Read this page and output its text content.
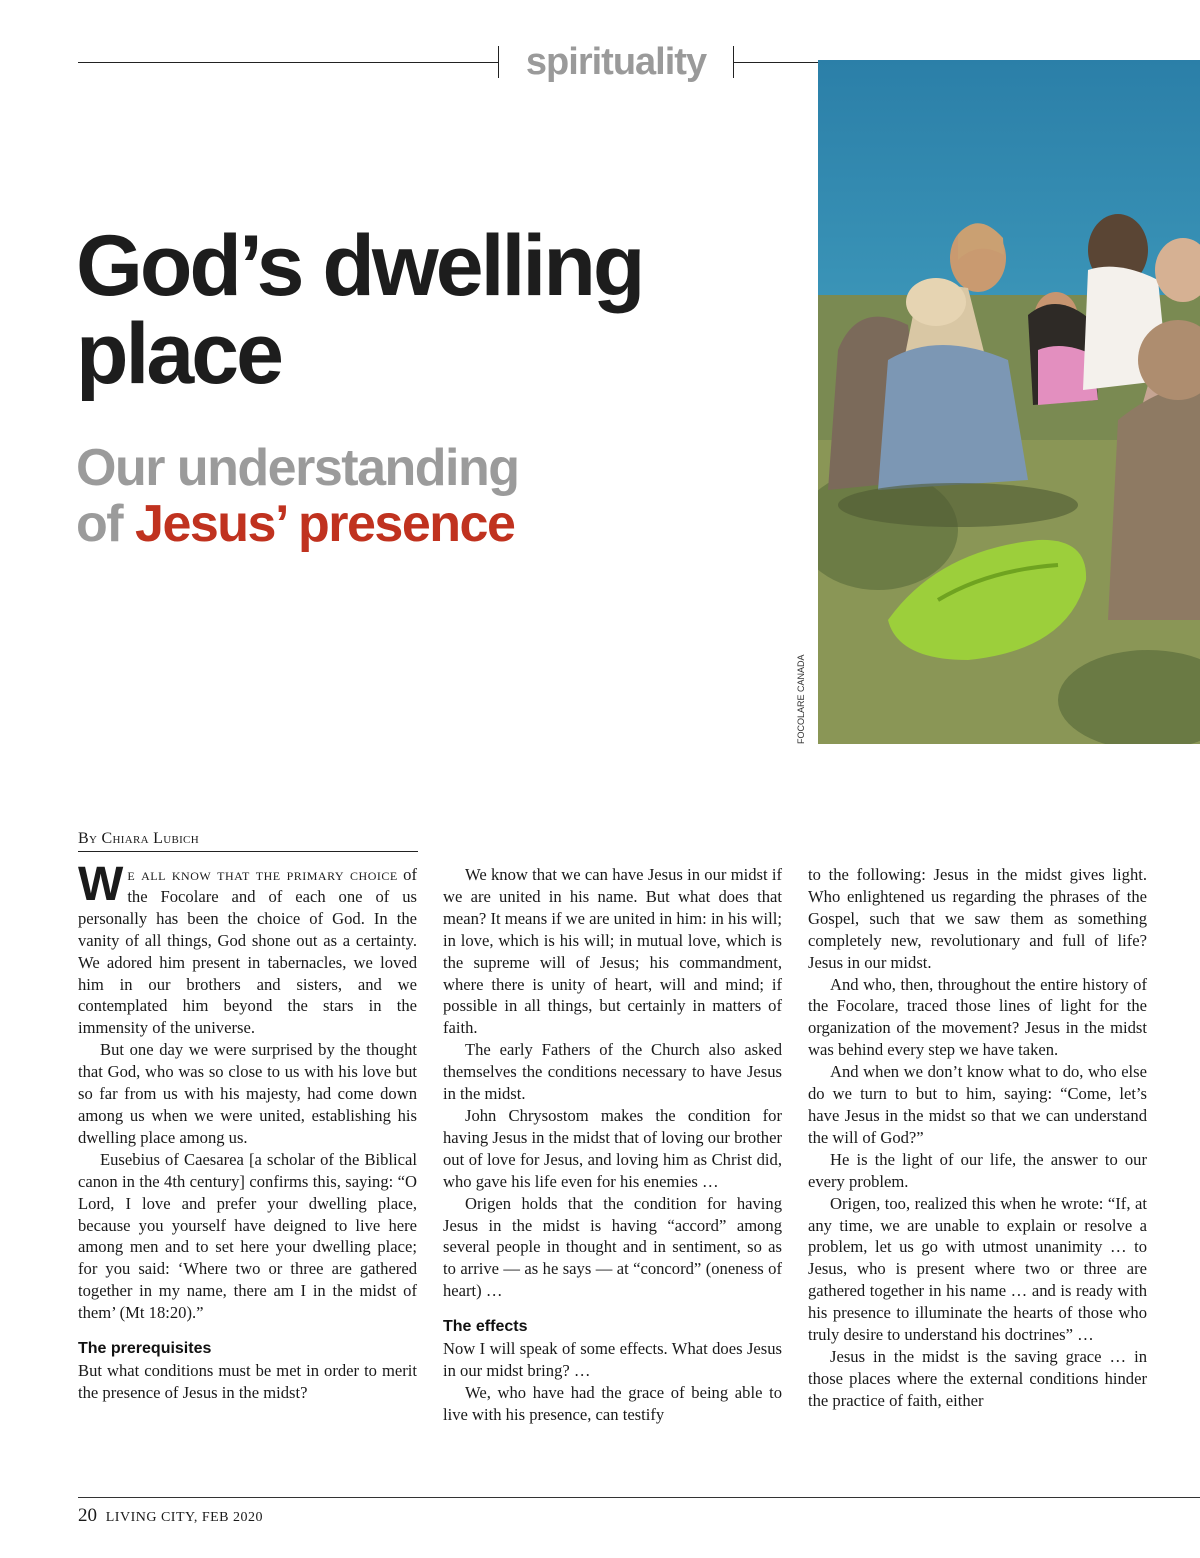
spirituality
FOCOLARE CANADA
God’s dwelling
place
Our understanding
of Jesus’ presence
By Chiara Lubich

We all know that the primary choice of the Focolare and of each one of us personally has been the choice of God. In the vanity of all things, God shone out as a certainty. We adored him present in tabernacles, we loved him in our brothers and sisters, and we contemplated him beyond the stars in the immensity of the universe.

But one day we were surprised by the thought that God, who was so close to us with his love but so far from us with his majesty, had come down among us when we were united, establishing his dwelling place among us.

Eusebius of Caesarea [a scholar of the Biblical canon in the 4th century] confirms this, saying: “O Lord, I love and prefer your dwelling place, because you yourself have deigned to live here among men and to set here your dwelling place; for you said: ‘Where two or three are gathered together in my name, there am I in the midst of them’ (Mt 18:20).”

The prerequisites

But what conditions must be met in order to merit the presence of Jesus in the midst?

We know that we can have Jesus in our midst if we are united in his name. But what does that mean? It means if we are united in him: in his will; in love, which is his will; in mutual love, which is the supreme will of Jesus; his commandment, where there is unity of heart, will and mind; if possible in all things, but certainly in matters of faith.

The early Fathers of the Church also asked themselves the conditions necessary to have Jesus in the midst.

John Chrysostom makes the condition for having Jesus in the midst that of loving our brother out of love for Jesus, and loving him as Christ did, who gave his life even for his enemies …

Origen holds that the condition for having Jesus in the midst is having “accord” among several people in thought and in sentiment, so as to arrive — as he says — at “concord” (oneness of heart) …

The effects

Now I will speak of some effects. What does Jesus in our midst bring? …

We, who have had the grace of being able to live with his presence, can testify

to the following: Jesus in the midst gives light. Who enlightened us regarding the phrases of the Gospel, such that we saw them as something completely new, revolutionary and full of life? Jesus in our midst.

And who, then, throughout the entire history of the Focolare, traced those lines of light for the organization of the movement? Jesus in the midst was behind every step we have taken.

And when we don’t know what to do, who else do we turn to but to him, saying: “Come, let’s have Jesus in the midst so that we can understand the will of God?”

He is the light of our life, the answer to our every problem.

Origen, too, realized this when he wrote: “If, at any time, we are unable to explain or resolve a problem, let us go with utmost unanimity … to Jesus, who is present where two or three are gathered together in his name … and is ready with his presence to illuminate the hearts of those who truly desire to understand his doctrines” …

Jesus in the midst is the saving grace … in those places where the external conditions hinder the practice of faith, either

20 LIVING CITY, FEB 2020
